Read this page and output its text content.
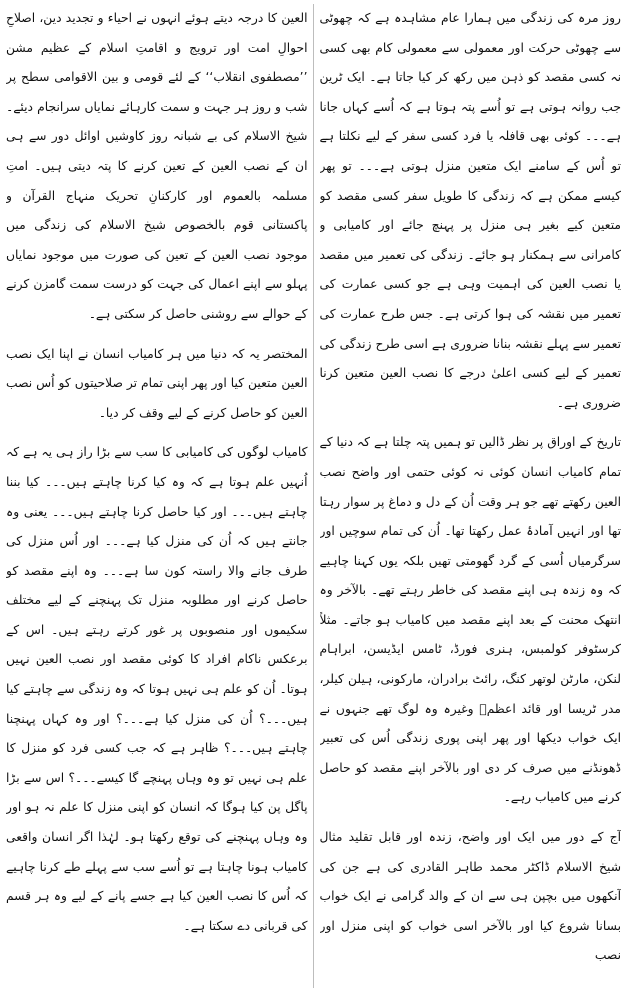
روز مرہ کی زندگی میں ہمارا عام مشاہدہ ہے کہ چھوٹی سے چھوٹی حرکت اور معمولی سے معمولی کام بھی کسی نہ کسی مقصد کو ذہن میں رکھ کر کیا جاتا ہے۔ ایک ٹرین جب روانہ ہوتی ہے تو اُسے پتہ ہوتا ہے کہ اُسے کہاں جانا ہے۔۔۔ کوئی بھی قافلہ یا فرد کسی سفر کے لیے نکلتا ہے تو اُس کے سامنے ایک متعین منزل ہوتی ہے۔۔۔ تو پھر کیسے ممکن ہے کہ زندگی کا طویل سفر کسی مقصد کو متعین کیے بغیر ہی منزل پر پہنچ جائے اور کامیابی و کامرانی سے ہمکنار ہو جائے۔ زندگی کی تعمیر میں مقصد یا نصب العین کی اہمیت وہی ہے جو کسی عمارت کی تعمیر میں نقشہ کی ہوا کرتی ہے۔ جس طرح عمارت کی تعمیر سے پہلے نقشہ بنانا ضروری ہے اسی طرح زندگی کی تعمیر کے لیے کسی اعلیٰ درجے کا نصب العین متعین کرنا ضروری ہے۔

تاریخ کے اوراق پر نظر ڈالیں تو ہمیں پتہ چلتا ہے کہ دنیا کے تمام کامیاب انسان کوئی نہ کوئی حتمی اور واضح نصب العین رکھتے تھے جو ہر وقت اُن کے دل و دماغ پر سوار رہتا تھا اور انہیں آمادۂ عمل رکھتا تھا۔ اُن کی تمام سوچیں اور سرگرمیاں اُسی کے گرد گھومتی تھیں بلکہ یوں کہنا چاہیے کہ وہ زندہ ہی اپنے مقصد کی خاطر رہتے تھے۔ بالآخر وہ انتھک محنت کے بعد اپنے مقصد میں کامیاب ہو جاتے۔ مثلاً کرسٹوفر کولمبس، ہنری فورڈ، ٹامس ایڈیسن، ابراہام لنکن، مارٹن لوتھر کنگ، رائٹ برادران، مارکونی، ہیلن کیلر، مدر ٹریسا اور قائد اعظمؒ وغیرہ وہ لوگ تھے جنہوں نے ایک خواب دیکھا اور پھر اپنی پوری زندگی اُس کی تعبیر ڈھونڈنے میں صرف کر دی اور بالآخر اپنے مقصد کو حاصل کرنے میں کامیاب رہے۔

آج کے دور میں ایک اور واضح، زندہ اور قابل تقلید مثال شیخ الاسلام ڈاکٹر محمد طاہر القادری کی ہے جن کی آنکھوں میں بچپن ہی سے ان کے والد گرامی نے ایک خواب بسانا شروع کیا اور بالآخر اسی خواب کو اپنی منزل اور نصب

العین کا درجہ دیتے ہوئے انہوں نے احیاء و تجدید دین، اصلاحِ احوالِ امت اور ترویج و اقامتِ اسلام کے عظیم مشن ’’مصطفوی انقلاب‘‘ کے لئے قومی و بین الاقوامی سطح پر شب و روز ہر جہت و سمت کارہائے نمایاں سرانجام دیئے۔ شیخ الاسلام کی بے شبانہ روز کاوشیں اوائل دور سے ہی ان کے نصب العین کے تعین کرنے کا پتہ دیتی ہیں۔ امتِ مسلمہ بالعموم اور کارکنانِ تحریک منہاج القرآن و پاکستانی قوم بالخصوص شیخ الاسلام کی زندگی میں موجود نصب العین کے تعین کی صورت میں موجود نمایاں پہلو سے اپنے اعمال کی جہت کو درست سمت گامزن کرنے کے حوالے سے روشنی حاصل کر سکتی ہے۔

المختصر یہ کہ دنیا میں ہر کامیاب انسان نے اپنا ایک نصب العین متعین کیا اور پھر اپنی تمام تر صلاحیتوں کو اُس نصب العین کو حاصل کرنے کے لیے وقف کر دیا۔

کامیاب لوگوں کی کامیابی کا سب سے بڑا راز ہی یہ ہے کہ اُنہیں علم ہوتا ہے کہ وہ کیا کرنا چاہتے ہیں۔۔۔ کیا بننا چاہتے ہیں۔۔۔ اور کیا حاصل کرنا چاہتے ہیں۔۔۔ یعنی وہ جانتے ہیں کہ اُن کی منزل کیا ہے۔۔۔ اور اُس منزل کی طرف جانے والا راستہ کون سا ہے۔۔۔ وہ اپنے مقصد کو حاصل کرنے اور مطلوبہ منزل تک پہنچنے کے لیے مختلف سکیموں اور منصوبوں پر غور کرتے رہتے ہیں۔ اس کے برعکس ناکام افراد کا کوئی مقصد اور نصب العین نہیں ہوتا۔ اُن کو علم ہی نہیں ہوتا کہ وہ زندگی سے چاہتے کیا ہیں۔۔۔؟ اُن کی منزل کیا ہے۔۔۔؟ اور وہ کہاں پہنچنا چاہتے ہیں۔۔۔؟ ظاہر ہے کہ جب کسی فرد کو منزل کا علم ہی نہیں تو وہ وہاں پہنچے گا کیسے۔۔۔؟ اس سے بڑا پاگل پن کیا ہوگا کہ انسان کو اپنی منزل کا علم نہ ہو اور وہ وہاں پہنچنے کی توقع رکھتا ہو۔ لہٰذا اگر انسان واقعی کامیاب ہونا چاہتا ہے تو اُسے سب سے پہلے طے کرنا چاہیے کہ اُس کا نصب العین کیا ہے جسے پانے کے لیے وہ ہر قسم کی قربانی دے سکتا ہے۔
